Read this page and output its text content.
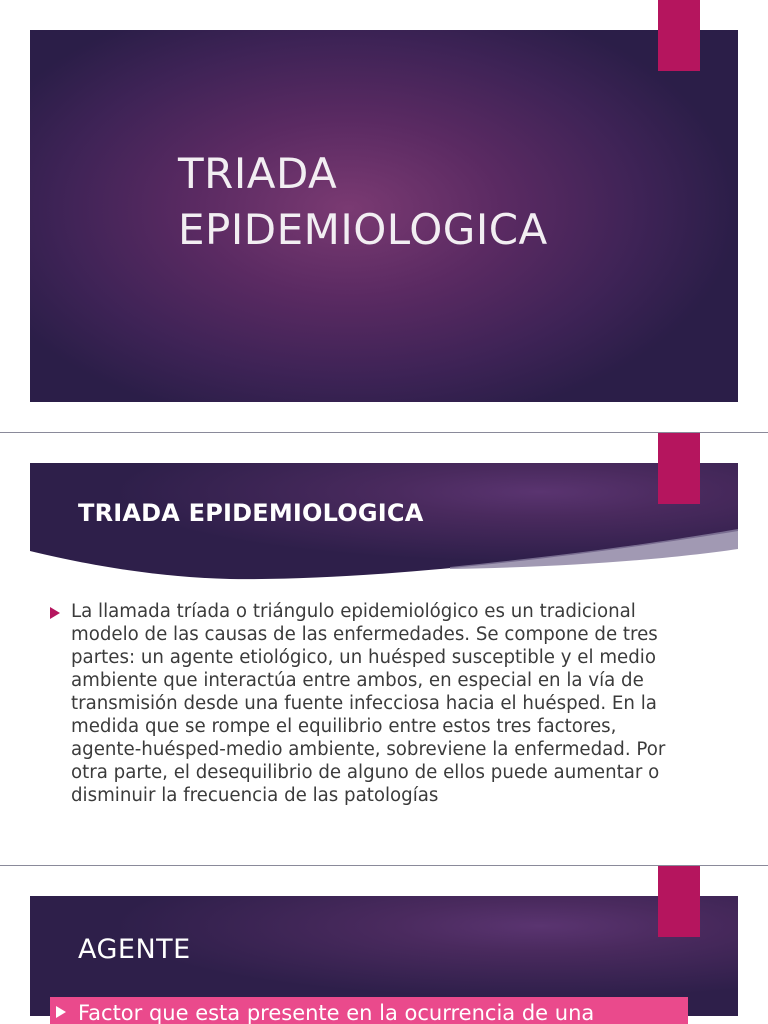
TRIADA
EPIDEMIOLOGICA
TRIADA EPIDEMIOLOGICA
La llamada tríada o triángulo epidemiológico es un tradicional modelo de las causas de las enfermedades. Se compone de tres partes: un agente etiológico, un huésped susceptible y el medio ambiente que interactúa entre ambos, en especial en la vía de transmisión desde una fuente infecciosa hacia el huésped. En la medida que se rompe el equilibrio entre estos tres factores, agente-huésped-medio ambiente, sobreviene la enfermedad. Por otra parte, el desequilibrio de alguno de ellos puede aumentar o disminuir la frecuencia de las patologías
AGENTE
Factor que esta presente en la ocurrencia de una
